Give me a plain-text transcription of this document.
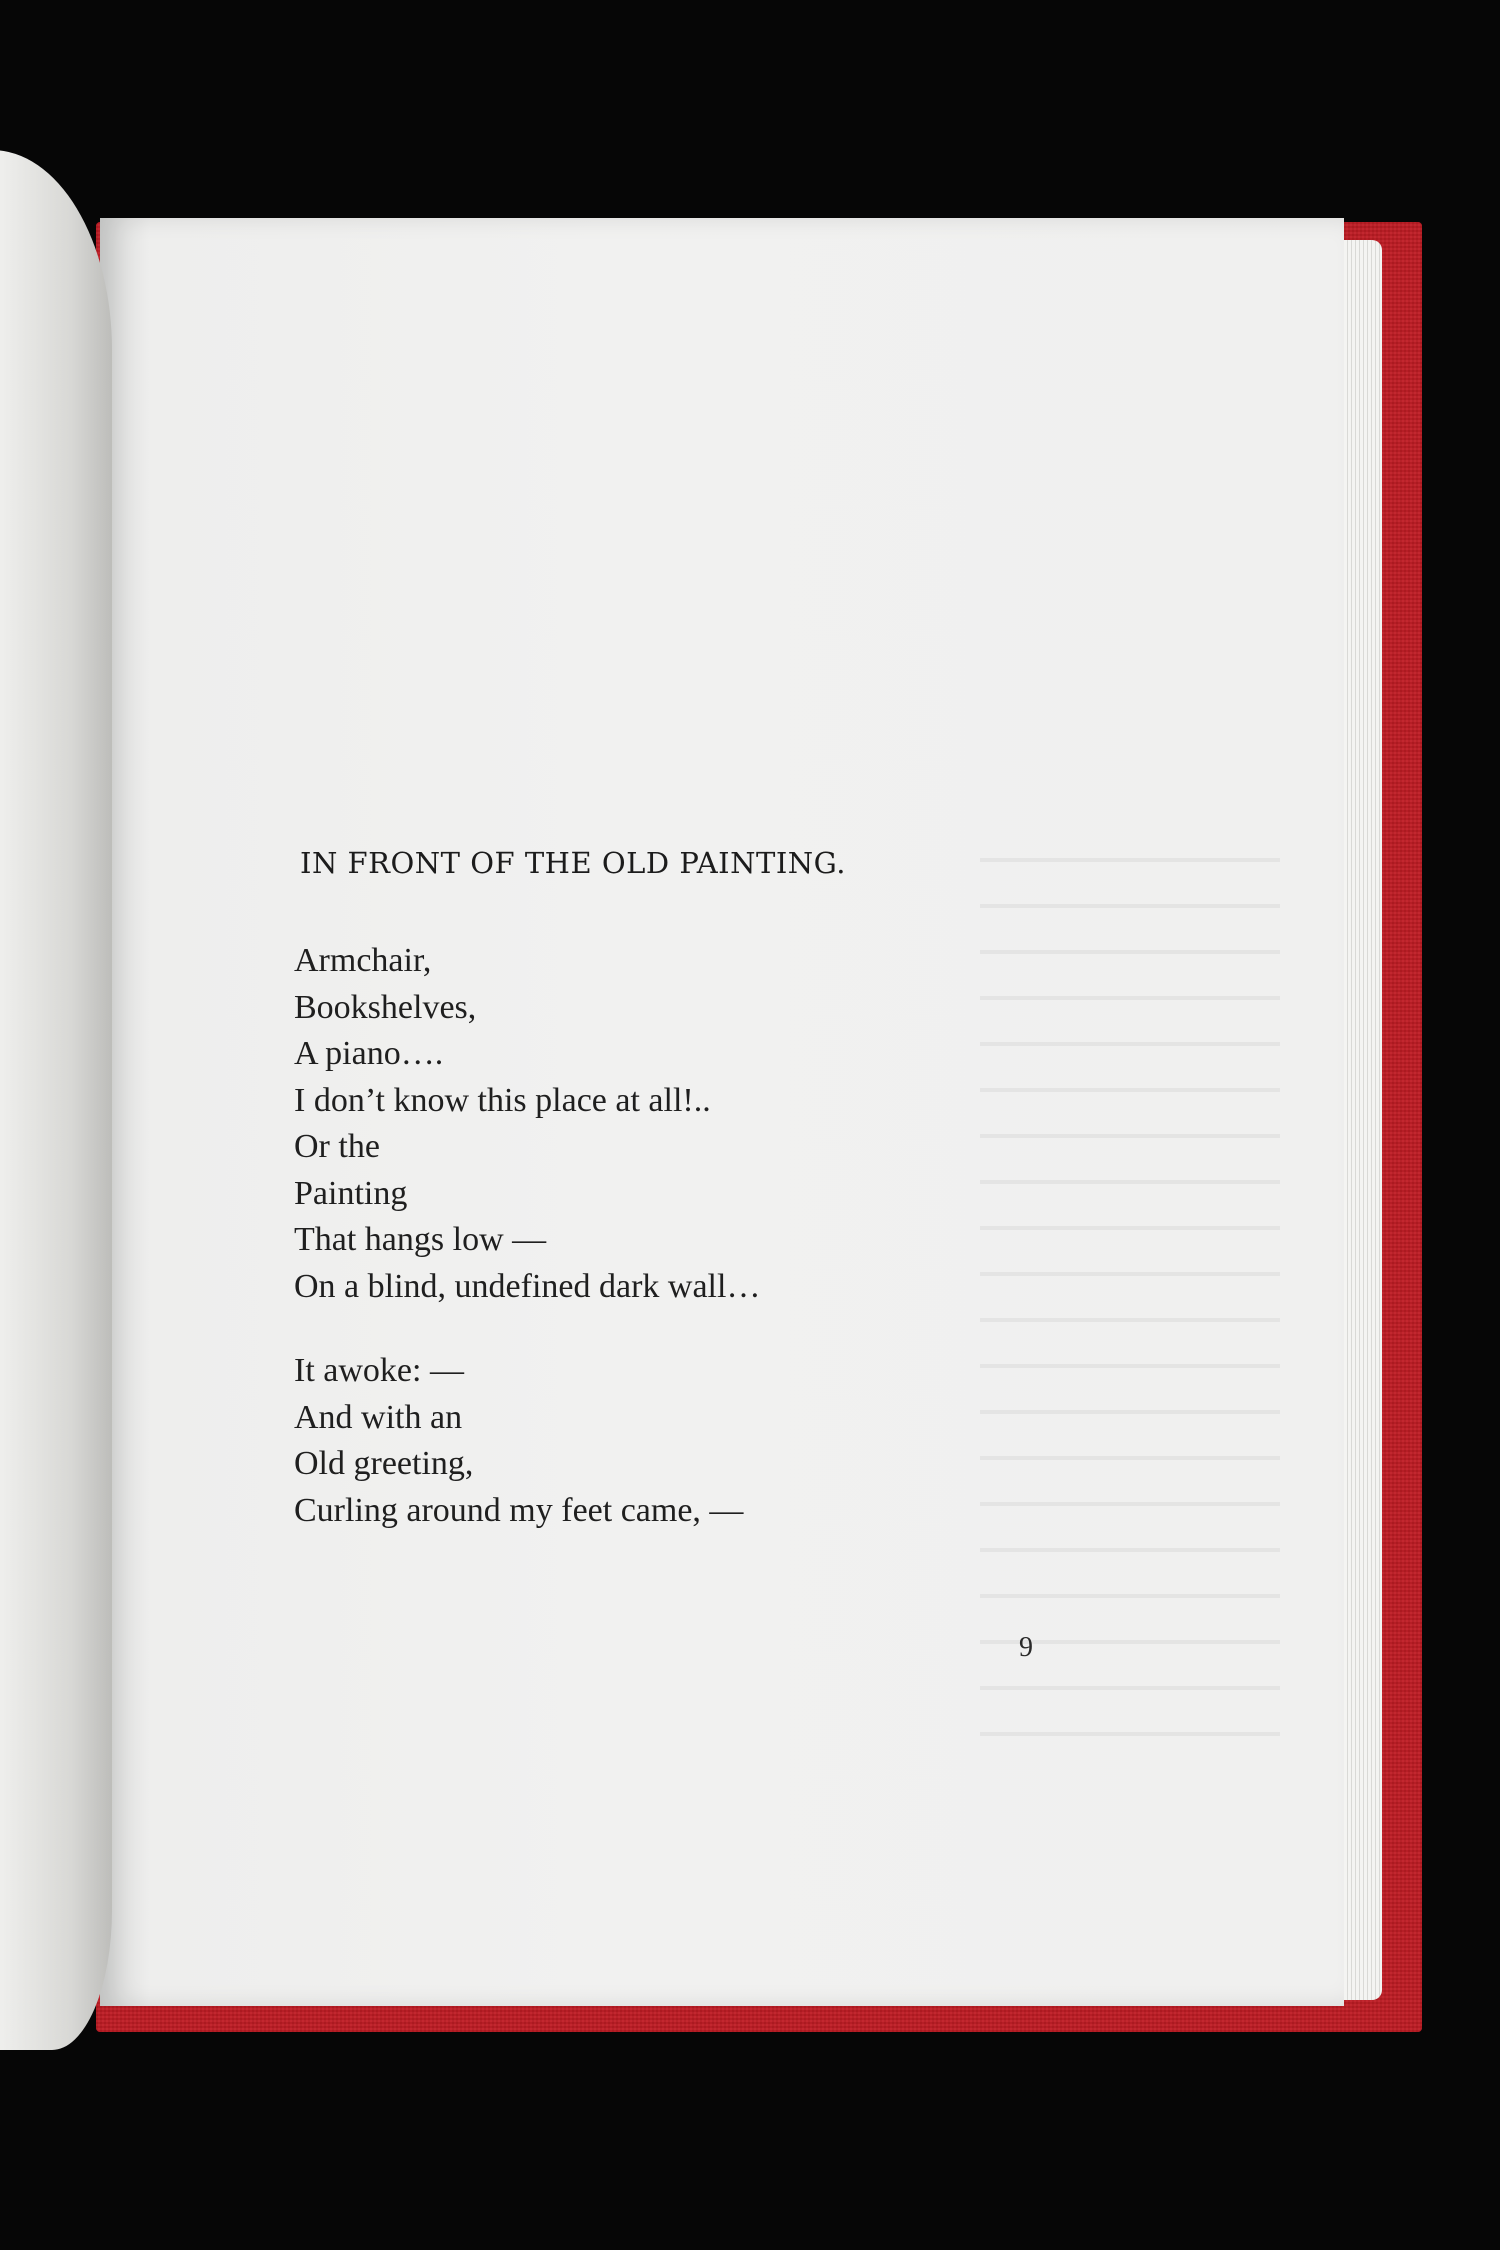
IN FRONT OF THE OLD PAINTING.
Armchair,
Bookshelves,
A piano….
I don’t know this place at all!..
Or the
Painting
That hangs low —
On a blind, undefined dark wall…
It awoke: —
And with an
Old greeting,
Curling around my feet came, —
9
